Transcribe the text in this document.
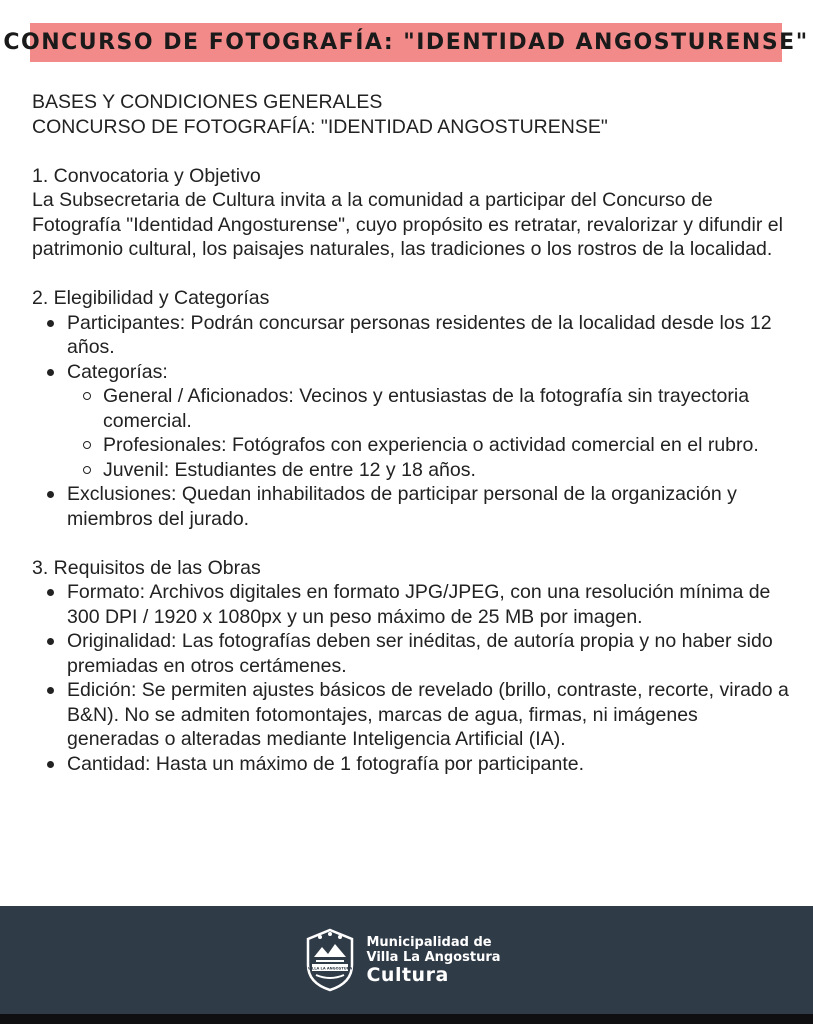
CONCURSO DE FOTOGRAFÍA: "IDENTIDAD ANGOSTURENSE"

BASES Y CONDICIONES GENERALES

CONCURSO DE FOTOGRAFÍA: "IDENTIDAD ANGOSTURENSE"

1. Convocatoria y Objetivo

La Subsecretaria de Cultura invita a la comunidad a participar del Concurso de Fotografía "Identidad Angosturense", cuyo propósito es retratar, revalorizar y difundir el patrimonio cultural, los paisajes naturales, las tradiciones o los rostros de la localidad.

2. Elegibilidad y Categorías

Participantes: Podrán concursar personas residentes de la localidad desde los 12 años.
Categorías:
General / Aficionados: Vecinos y entusiastas de la fotografía sin trayectoria comercial.
Profesionales: Fotógrafos con experiencia o actividad comercial en el rubro.
Juvenil: Estudiantes de entre 12 y 18 años.
Exclusiones: Quedan inhabilitados de participar personal de la organización y miembros del jurado.

3. Requisitos de las Obras

Formato: Archivos digitales en formato JPG/JPEG, con una resolución mínima de 300 DPI / 1920 x 1080px y un peso máximo de 25 MB por imagen.
Originalidad: Las fotografías deben ser inéditas, de autoría propia y no haber sido premiadas en otros certámenes.
Edición: Se permiten ajustes básicos de revelado (brillo, contraste, recorte, virado a B&N). No se admiten fotomontajes, marcas de agua, firmas, ni imágenes generadas o alteradas mediante Inteligencia Artificial (IA).
Cantidad: Hasta un máximo de 1 fotografía por participante.
VILLA LA ANGOSTURA
Municipalidad de
Villa La Angostura
Cultura
